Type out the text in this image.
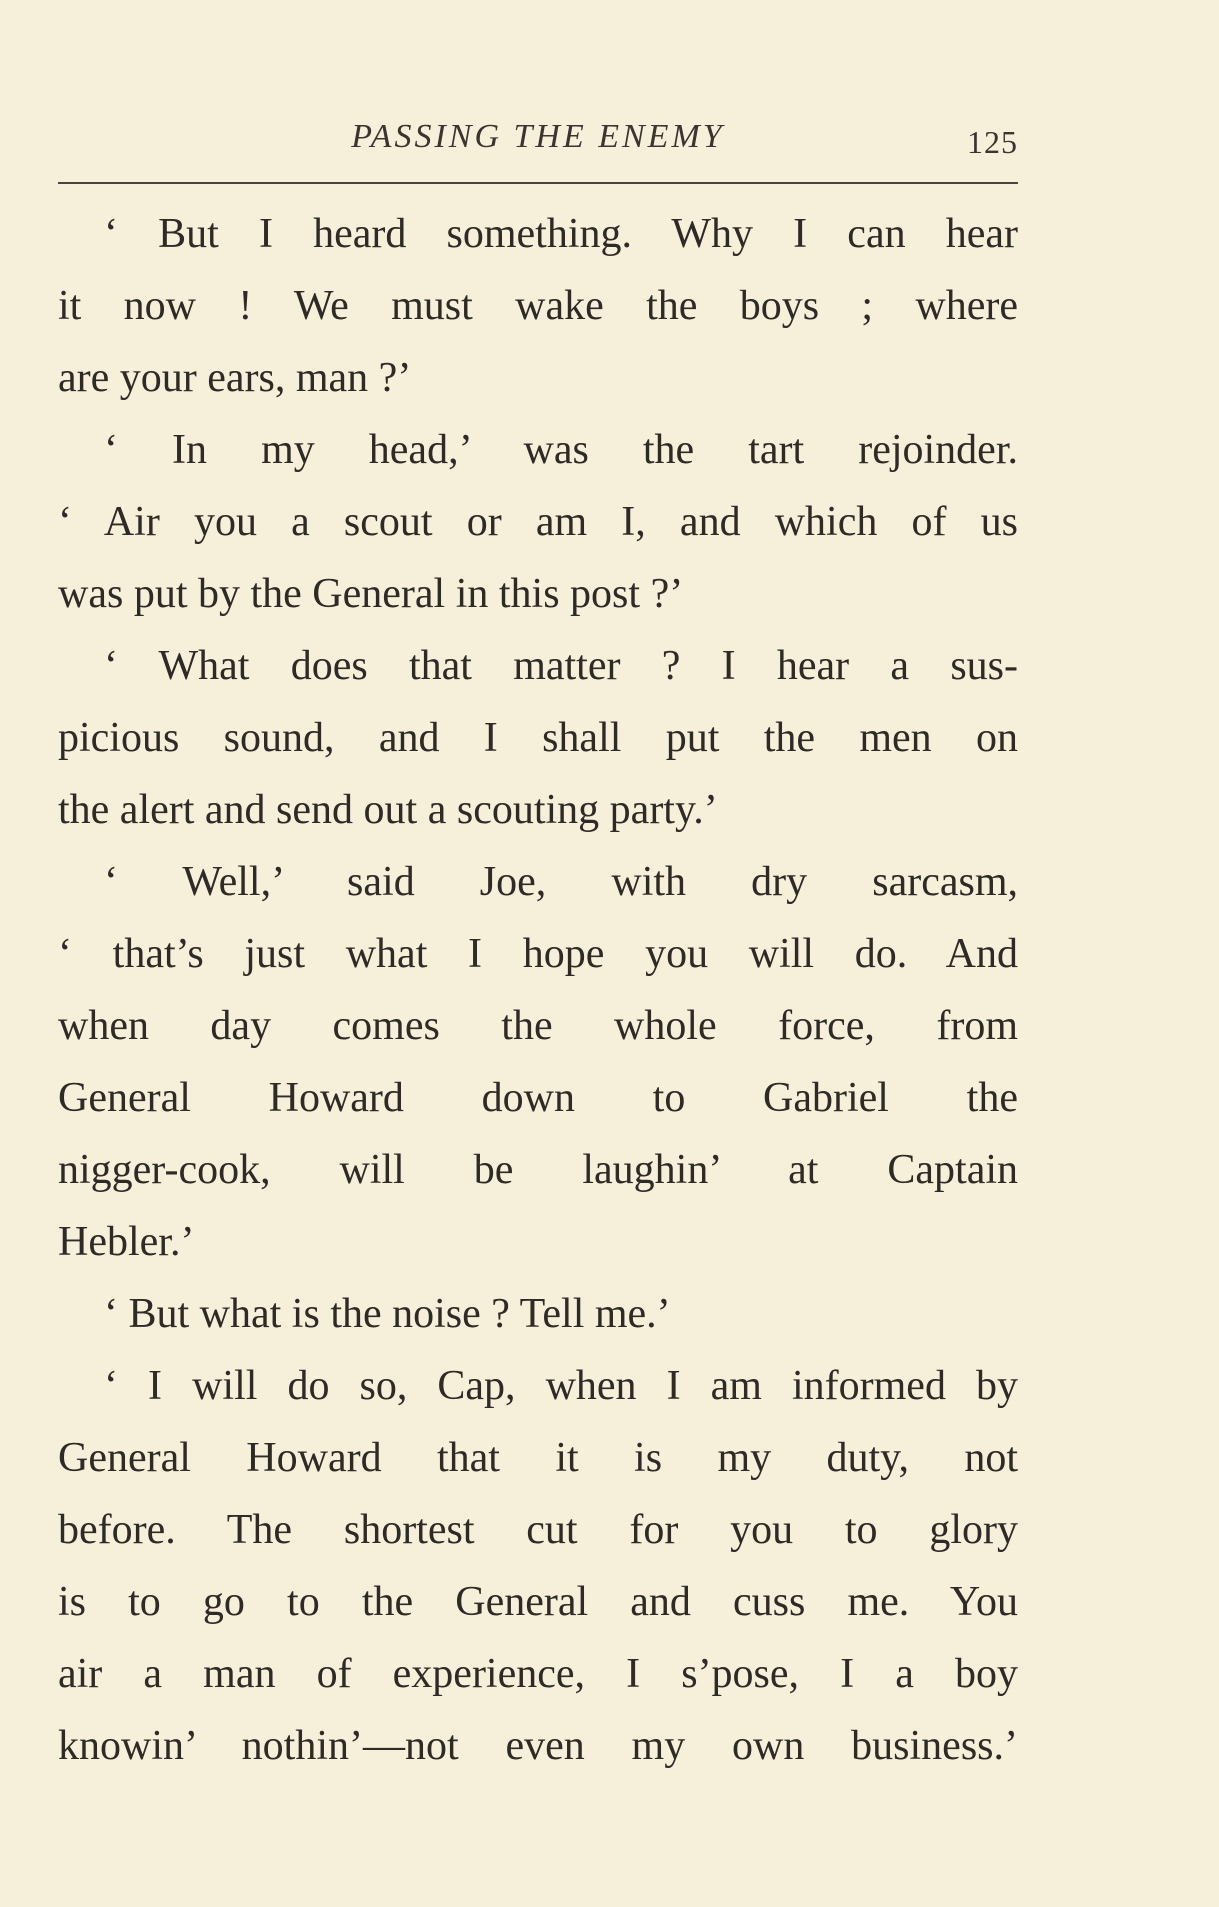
PASSING THE ENEMY	125
‘ But I heard something. Why I can hear
it now ! We must wake the boys ; where
are your ears, man ?’
‘ In my head,’ was the tart rejoinder.
‘ Air you a scout or am I, and which of us
was put by the General in this post ?’
‘ What does that matter ? I hear a sus-
picious sound, and I shall put the men on
the alert and send out a scouting party.’
‘ Well,’ said Joe, with dry sarcasm,
‘ that’s just what I hope you will do. And
when day comes the whole force, from
General Howard down to Gabriel the
nigger-cook, will be laughin’ at Captain
Hebler.’
‘ But what is the noise ? Tell me.’
‘ I will do so, Cap, when I am informed by
General Howard that it is my duty, not
before. The shortest cut for you to glory
is to go to the General and cuss me. You
air a man of experience, I s’pose, I a boy
knowin’ nothin’—not even my own business.’
